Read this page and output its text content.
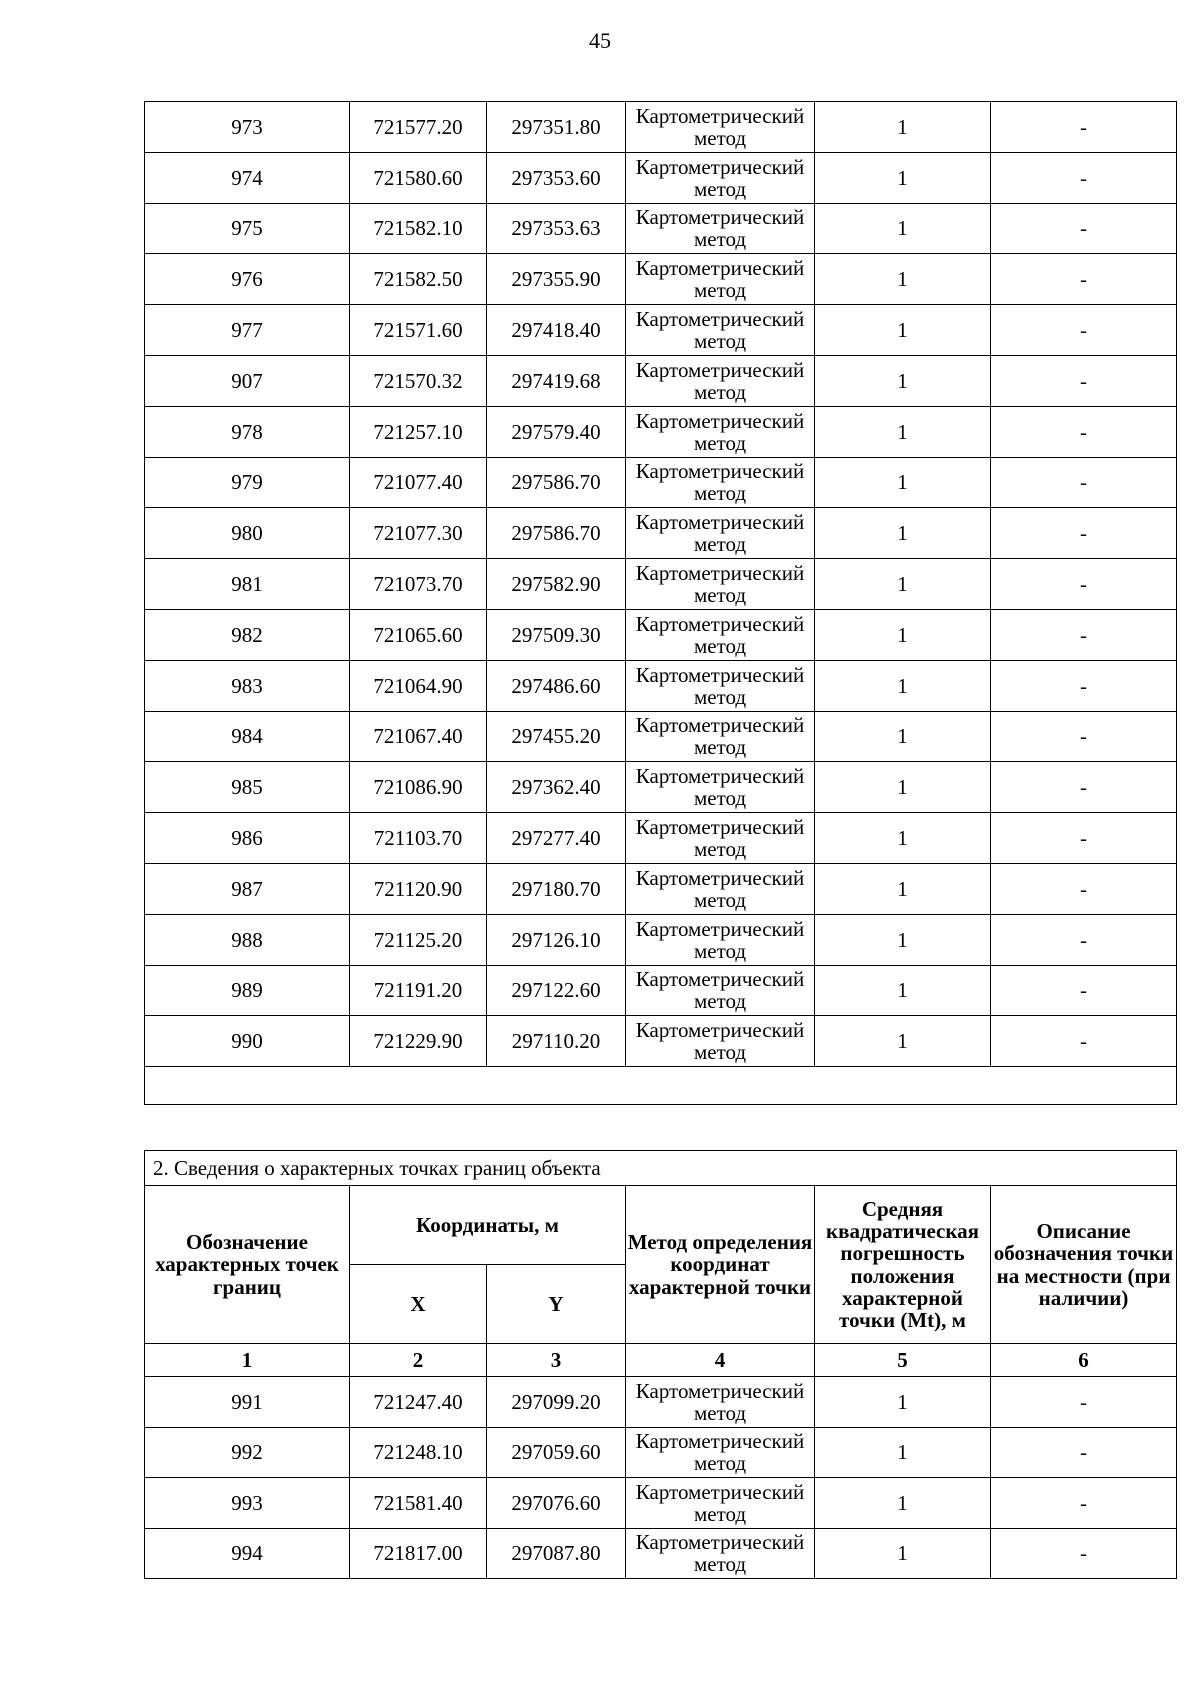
45
973	721577.20	297351.80	Картометрический метод	1	-
974	721580.60	297353.60	Картометрический метод	1	-
975	721582.10	297353.63	Картометрический метод	1	-
976	721582.50	297355.90	Картометрический метод	1	-
977	721571.60	297418.40	Картометрический метод	1	-
907	721570.32	297419.68	Картометрический метод	1	-
978	721257.10	297579.40	Картометрический метод	1	-
979	721077.40	297586.70	Картометрический метод	1	-
980	721077.30	297586.70	Картометрический метод	1	-
981	721073.70	297582.90	Картометрический метод	1	-
982	721065.60	297509.30	Картометрический метод	1	-
983	721064.90	297486.60	Картометрический метод	1	-
984	721067.40	297455.20	Картометрический метод	1	-
985	721086.90	297362.40	Картометрический метод	1	-
986	721103.70	297277.40	Картометрический метод	1	-
987	721120.90	297180.70	Картометрический метод	1	-
988	721125.20	297126.10	Картометрический метод	1	-
989	721191.20	297122.60	Картометрический метод	1	-
990	721229.90	297110.20	Картометрический метод	1	-

2. Сведения о характерных точках границ объекта					
Обозначение характерных точек границ	Координаты, м		Метод определения координат характерной точки	Средняя квадратическая погрешность положения характерной точки (Mt), м	Описание обозначения точки на местности (при наличии)
	X	Y			
1	2	3	4	5	6
991	721247.40	297099.20	Картометрический метод	1	-
992	721248.10	297059.60	Картометрический метод	1	-
993	721581.40	297076.60	Картометрический метод	1	-
994	721817.00	297087.80	Картометрический метод	1	-
